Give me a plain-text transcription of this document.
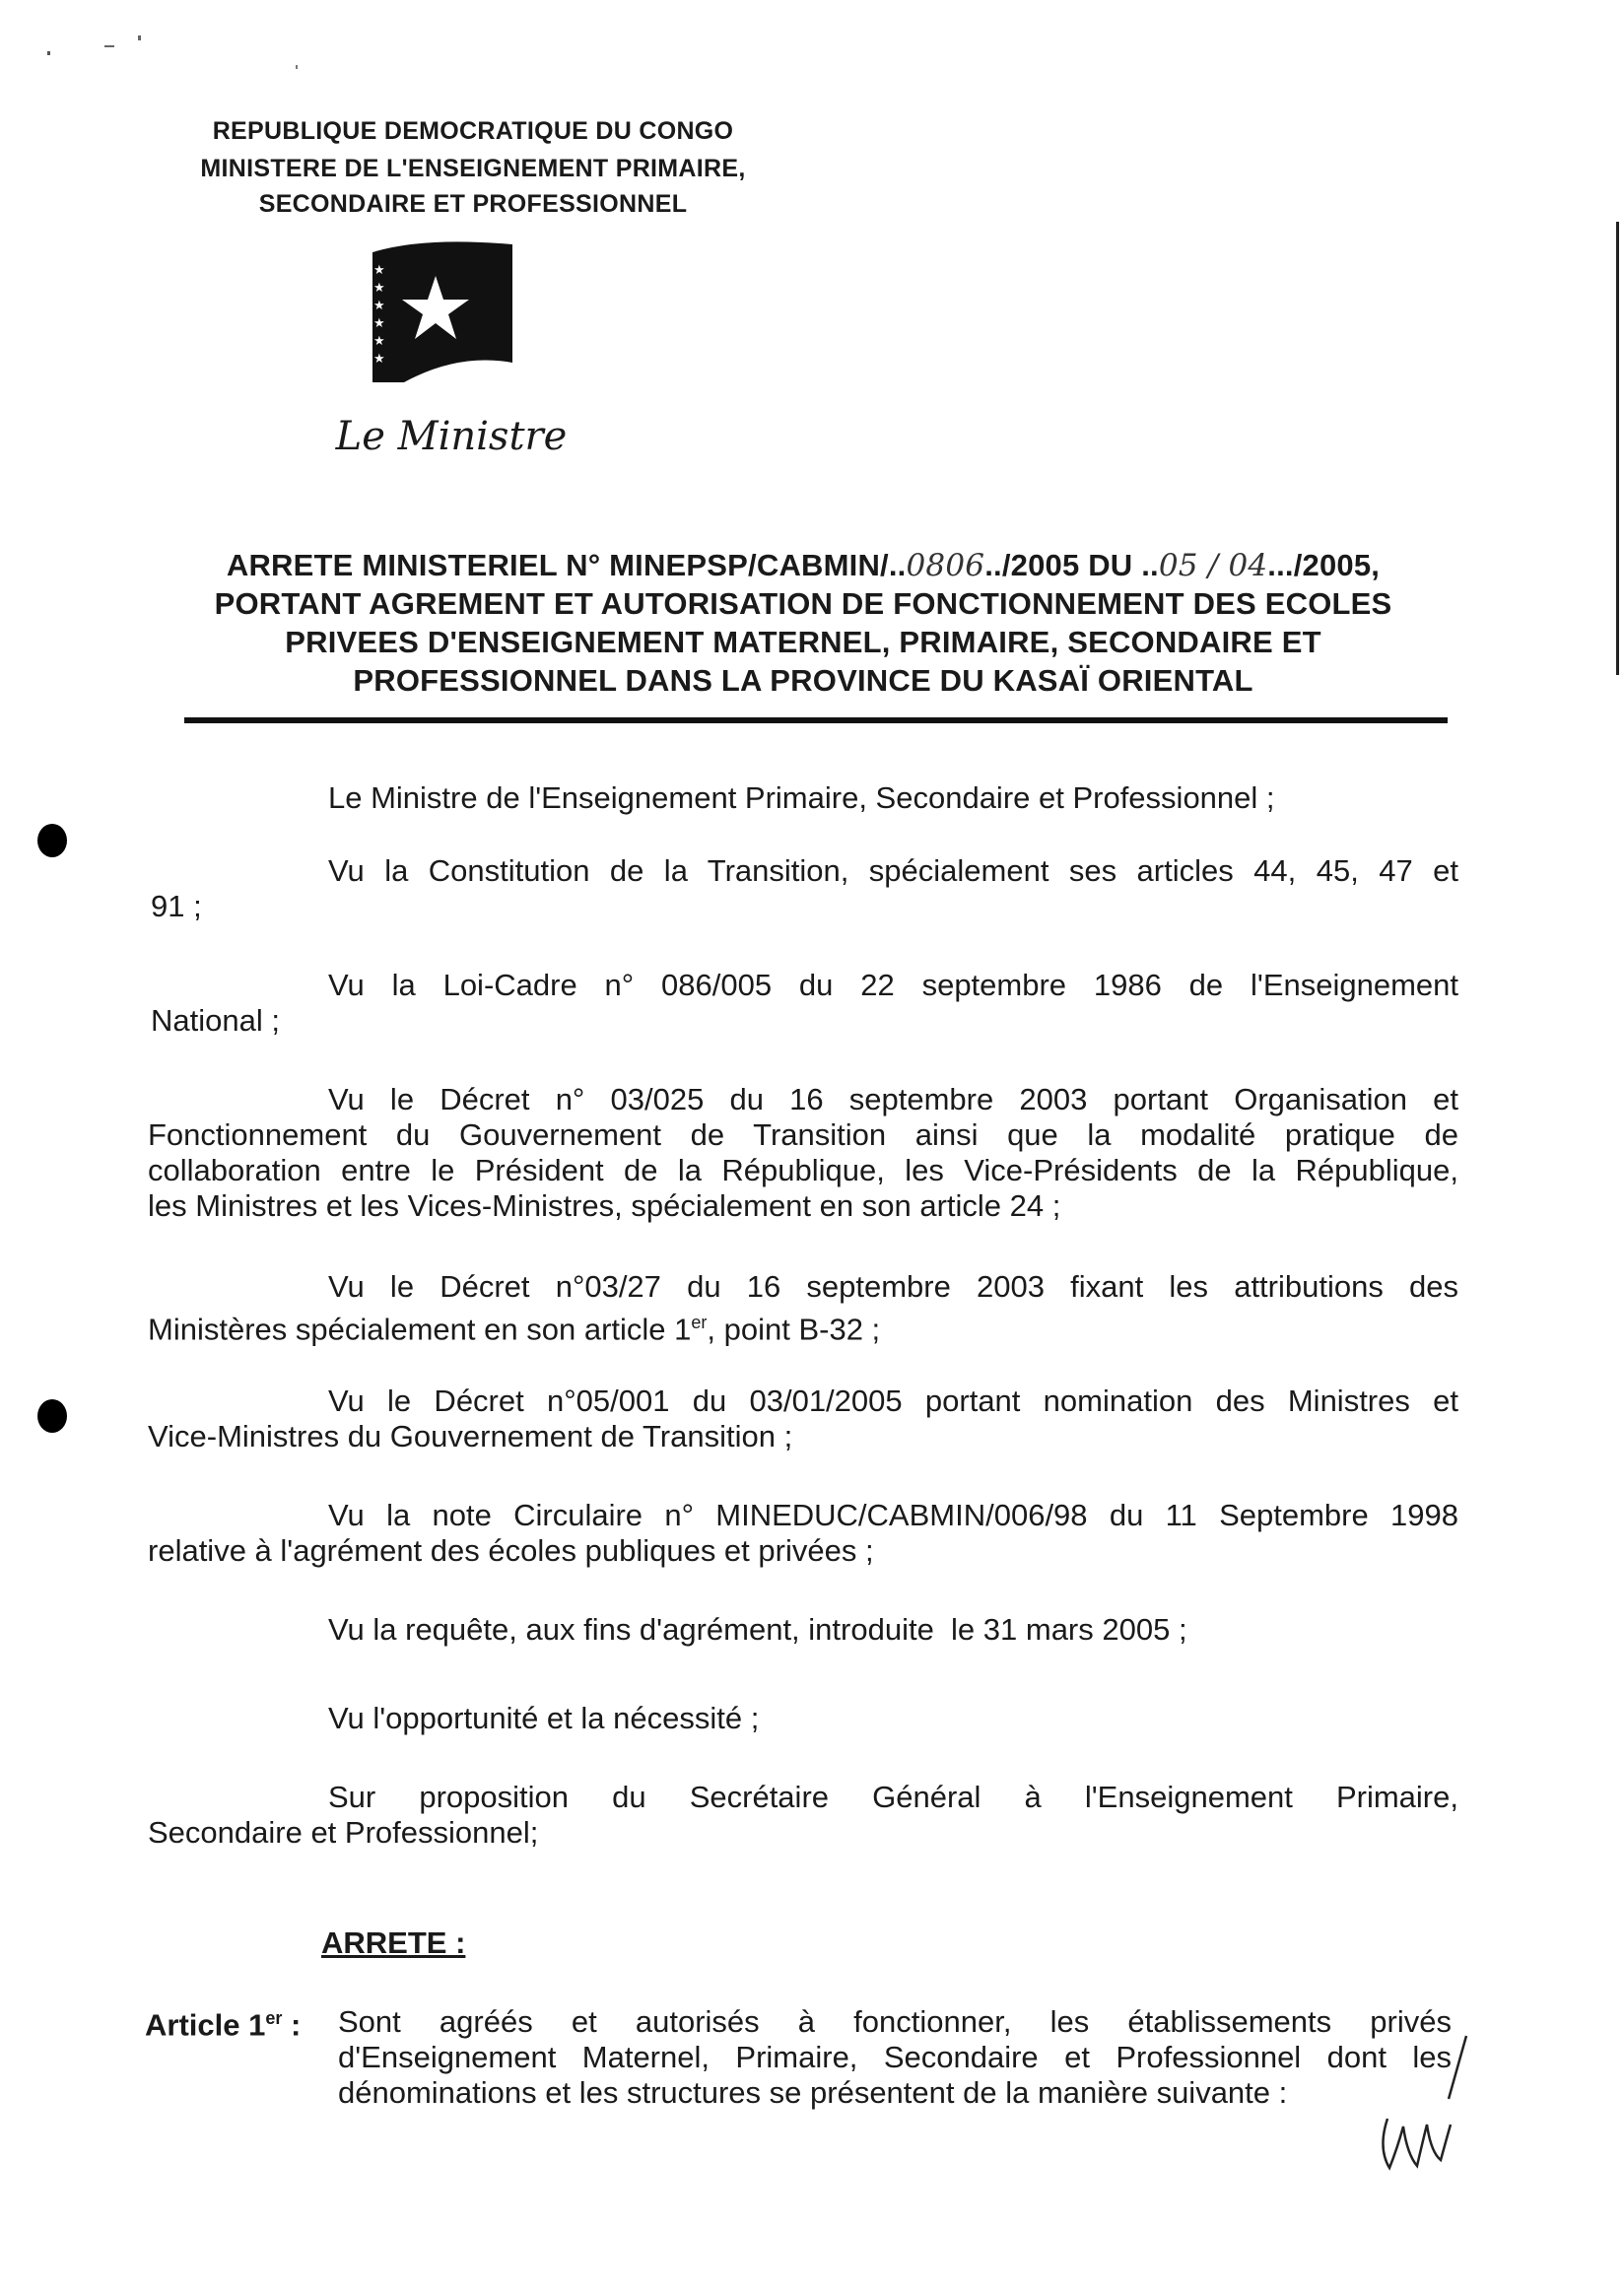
REPUBLIQUE DEMOCRATIQUE DU CONGO
MINISTERE DE L'ENSEIGNEMENT PRIMAIRE,
SECONDAIRE ET PROFESSIONNEL
★
★
★
★
★
★
Le Ministre
ARRETE MINISTERIEL N° MINEPSP/CABMIN/..0806../2005 DU ..05 / 04.../2005,
PORTANT AGREMENT ET AUTORISATION DE FONCTIONNEMENT DES ECOLES
PRIVEES D'ENSEIGNEMENT MATERNEL, PRIMAIRE, SECONDAIRE ET
PROFESSIONNEL DANS LA PROVINCE DU KASAÏ ORIENTAL
Le Ministre de l'Enseignement Primaire, Secondaire et Professionnel ;
Vu la Constitution de la Transition, spécialement ses articles 44, 45, 47 et
91 ;
Vu la Loi-Cadre n° 086/005 du 22 septembre 1986 de l'Enseignement
National ;
Vu le Décret n° 03/025 du 16 septembre 2003 portant Organisation et
Fonctionnement du Gouvernement de Transition ainsi que la modalité pratique de
collaboration entre le Président de la République, les Vice-Présidents de la République,
les Ministres et les Vices-Ministres, spécialement en son article 24 ;
Vu le Décret n°03/27 du 16 septembre 2003 fixant les attributions des
Ministères spécialement en son article 1er, point B-32 ;
Vu le Décret n°05/001 du 03/01/2005 portant nomination des Ministres et
Vice-Ministres du Gouvernement de Transition ;
Vu la note Circulaire n° MINEDUC/CABMIN/006/98 du 11 Septembre 1998
relative à l'agrément des écoles publiques et privées ;
Vu la requête, aux fins d'agrément, introduite  le 31 mars 2005 ;
Vu l'opportunité et la nécessité ;
Sur proposition du Secrétaire Général à l'Enseignement Primaire,
Secondaire et Professionnel;
ARRETE :
Article 1er :	Sont agréés et autorisés à fonctionner, les établissements privés
d'Enseignement Maternel, Primaire, Secondaire et Professionnel dont les
dénominations et les structures se présentent de la manière suivante :
